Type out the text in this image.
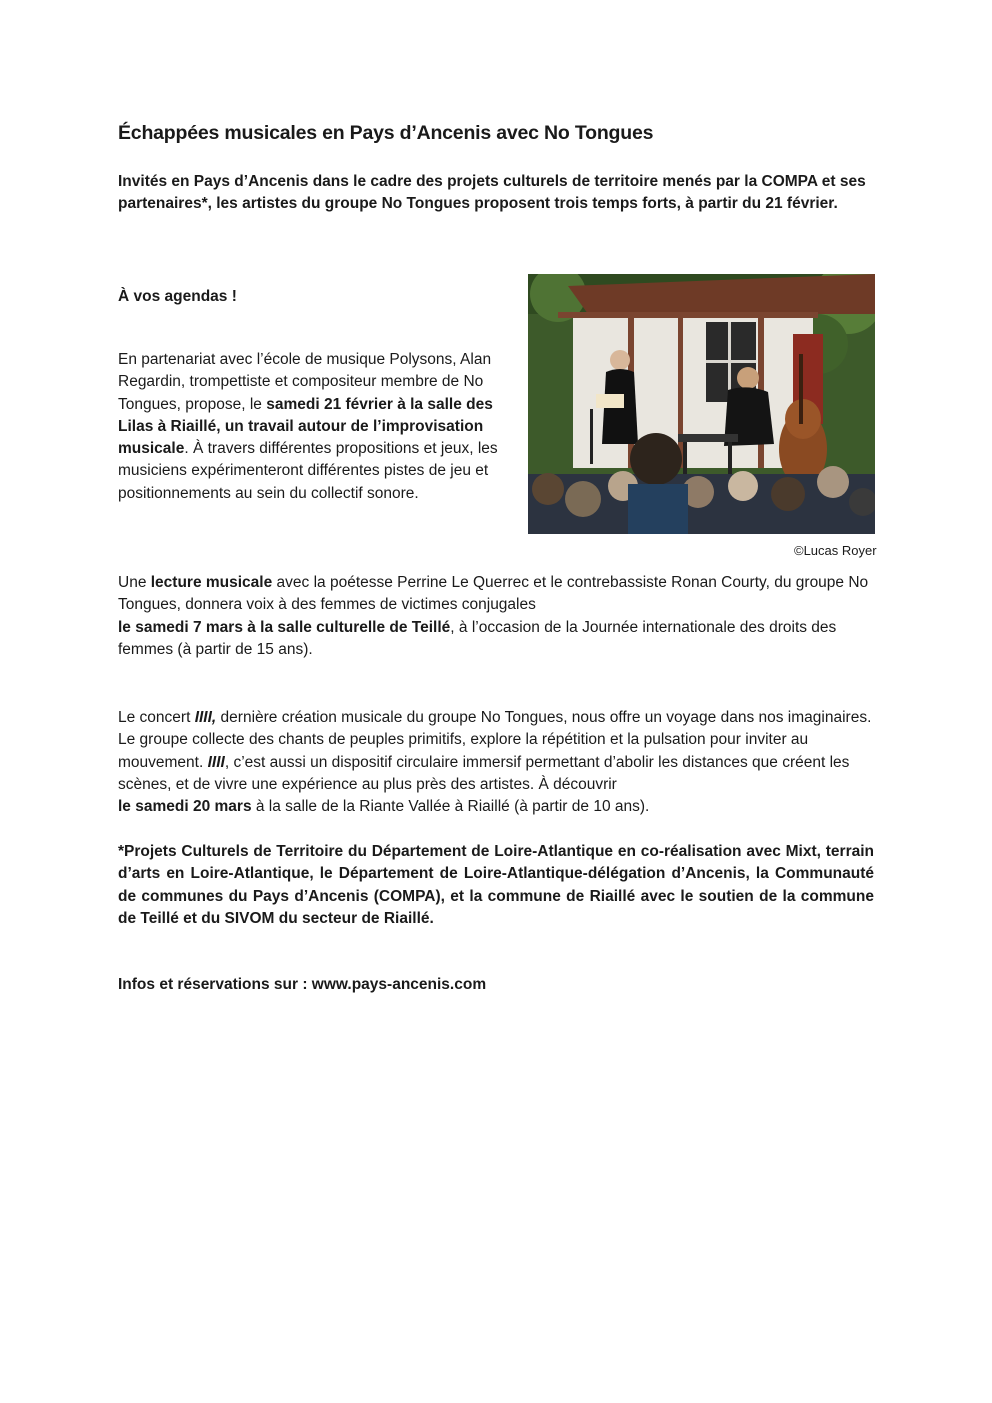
Échappées musicales en Pays d’Ancenis avec No Tongues
Invités en Pays d’Ancenis dans le cadre des projets culturels de territoire menés par la COMPA et ses partenaires*, les artistes du groupe No Tongues proposent trois temps forts, à partir du 21 février.
À vos agendas !
En partenariat avec l’école de musique Polysons, Alan Regardin, trompettiste et compositeur membre de No Tongues, propose, le samedi 21 février à la salle des Lilas à Riaillé, un travail autour de l’improvisation musicale. À travers différentes propositions et jeux, les musiciens expérimenteront différentes pistes de jeu et positionnements au sein du collectif sonore.
©Lucas Royer
Une lecture musicale avec la poétesse Perrine Le Querrec et le contrebassiste Ronan Courty, du groupe No Tongues, donnera voix à des femmes de victimes conjugales
le samedi 7 mars à la salle culturelle de Teillé, à l’occasion de la Journée internationale des droits des femmes (à partir de 15 ans).
Le concert IIII, dernière création musicale du groupe No Tongues, nous offre un voyage dans nos imaginaires. Le groupe collecte des chants de peuples primitifs, explore la répétition et la pulsation pour inviter au mouvement. IIII, c’est aussi un dispositif circulaire immersif permettant d’abolir les distances que créent les scènes, et de vivre une expérience au plus près des artistes. À découvrir
le samedi 20 mars à la salle de la Riante Vallée à Riaillé (à partir de 10 ans).
*Projets Culturels de Territoire du Département de Loire-Atlantique en co-réalisation avec Mixt, terrain d’arts en Loire-Atlantique, le Département de Loire-Atlantique-délégation d’Ancenis, la Communauté de communes du Pays d’Ancenis (COMPA), et la commune de Riaillé avec le soutien de la commune de Teillé et du SIVOM du secteur de Riaillé.
Infos et réservations sur : www.pays-ancenis.com
